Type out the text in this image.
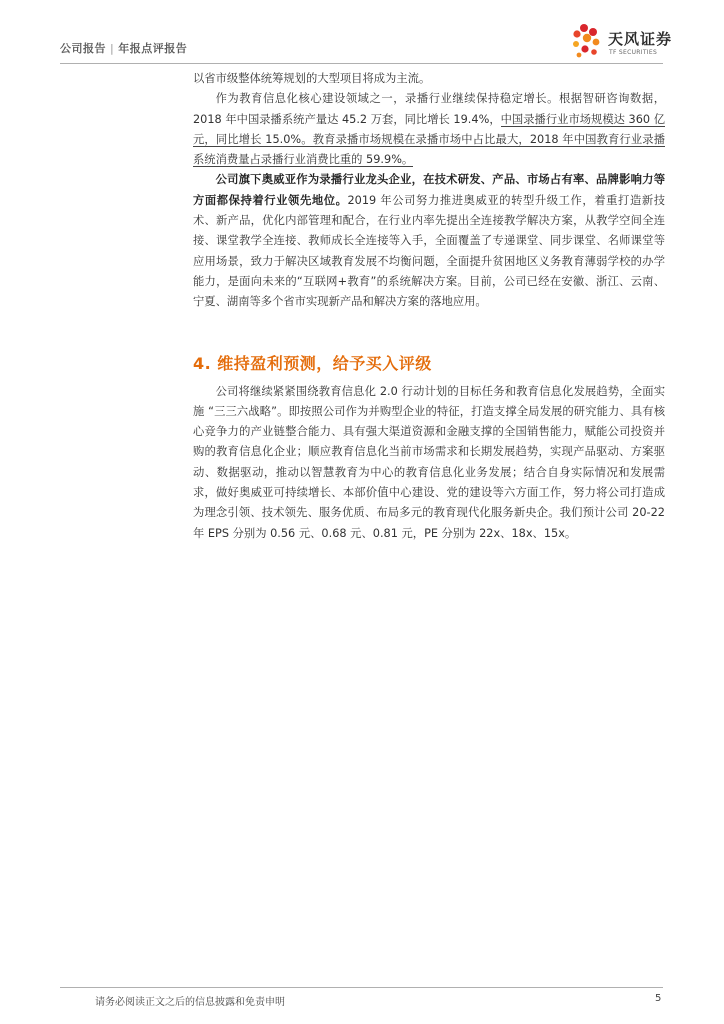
公司报告 | 年报点评报告
天风证券
TF SECURITIES

以省市级整体统筹规划的大型项目将成为主流。

作为教育信息化核心建设领域之一，录播行业继续保持稳定增长。根据智研咨询数据，2018 年中国录播系统产量达 45.2 万套，同比增长 19.4%，中国录播行业市场规模达 360 亿元，同比增长 15.0%。教育录播市场规模在录播市场中占比最大，2018 年中国教育行业录播系统消费量占录播行业消费比重的 59.9%。

公司旗下奥威亚作为录播行业龙头企业，在技术研发、产品、市场占有率、品牌影响力等方面都保持着行业领先地位。2019 年公司努力推进奥威亚的转型升级工作，着重打造新技术、新产品，优化内部管理和配合，在行业内率先提出全连接教学解决方案，从教学空间全连接、课堂教学全连接、教师成长全连接等入手，全面覆盖了专递课堂、同步课堂、名师课堂等应用场景，致力于解决区域教育发展不均衡问题，全面提升贫困地区义务教育薄弱学校的办学能力，是面向未来的“互联网+教育”的系统解决方案。目前，公司已经在安徽、浙江、云南、宁夏、湖南等多个省市实现新产品和解决方案的落地应用。

4. 维持盈利预测，给予买入评级

公司将继续紧紧围绕教育信息化 2.0 行动计划的目标任务和教育信息化发展趋势，全面实施 “三三六战略”。即按照公司作为并购型企业的特征，打造支撑全局发展的研究能力、具有核心竞争力的产业链整合能力、具有强大渠道资源和金融支撑的全国销售能力，赋能公司投资并购的教育信息化企业；顺应教育信息化当前市场需求和长期发展趋势，实现产品驱动、方案驱动、数据驱动，推动以智慧教育为中心的教育信息化业务发展；结合自身实际情况和发展需求，做好奥威亚可持续增长、本部价值中心建设、党的建设等六方面工作，努力将公司打造成为理念引领、技术领先、服务优质、布局多元的教育现代化服务新央企。我们预计公司 20-22 年 EPS 分别为 0.56 元、0.68 元、0.81 元，PE 分别为 22x、18x、15x。

请务必阅读正文之后的信息披露和免责申明	5
